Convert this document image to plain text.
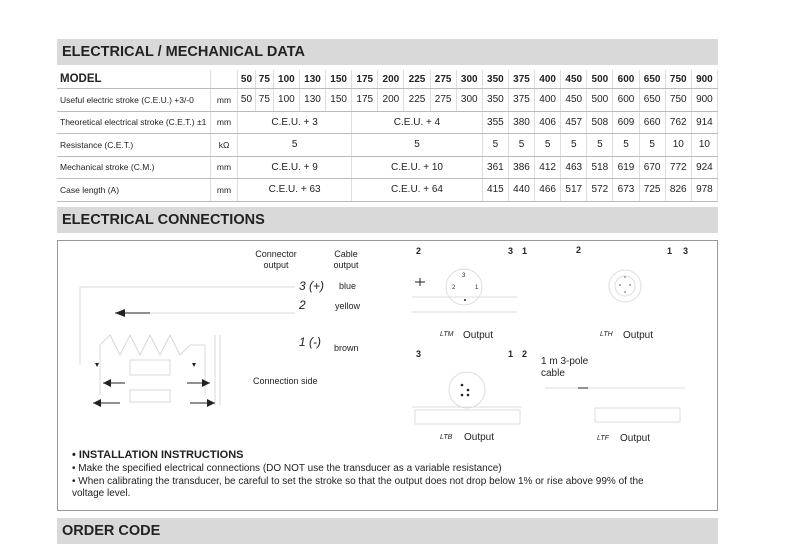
ELECTRICAL / MECHANICAL DATA
MODEL		50	75	100	130	150	175	200	225	275	300	350	375	400	450	500	600	650	750	900
Useful electric stroke (C.E.U.) +3/-0	mm	50	75	100	130	150	175	200	225	275	300	350	375	400	450	500	600	650	750	900
Theoretical electrical stroke (C.E.T.) ±1	mm	C.E.U. + 3					C.E.U. + 4					355	380	406	457	508	609	660	762	914
Resistance (C.E.T.)	kΩ	5					5					5	5	5	5	5	5	5	10	10
Mechanical stroke (C.M.)	mm	C.E.U. + 9					C.E.U. + 10					361	386	412	463	518	619	670	772	924
Case length (A)	mm	C.E.U. + 63					C.E.U. + 64					415	440	466	517	572	673	725	826	978
ELECTRICAL CONNECTIONS
Connector output
Cable output
3 (+)
2
1 (-)
blue
yellow
brown
Connection side
2	3 1
3
2	1
LTM Output
2	1 3
LTH Output
3	1 2
LTB Output
1 m 3-pole cable
LTF Output
• INSTALLATION INSTRUCTIONS
• Make the specified electrical connections (DO NOT use the transducer as a variable resistance)
• When calibrating the transducer, be careful to set the stroke so that the output does not drop below 1% or rise above 99% of the
voltage level.
ORDER CODE
